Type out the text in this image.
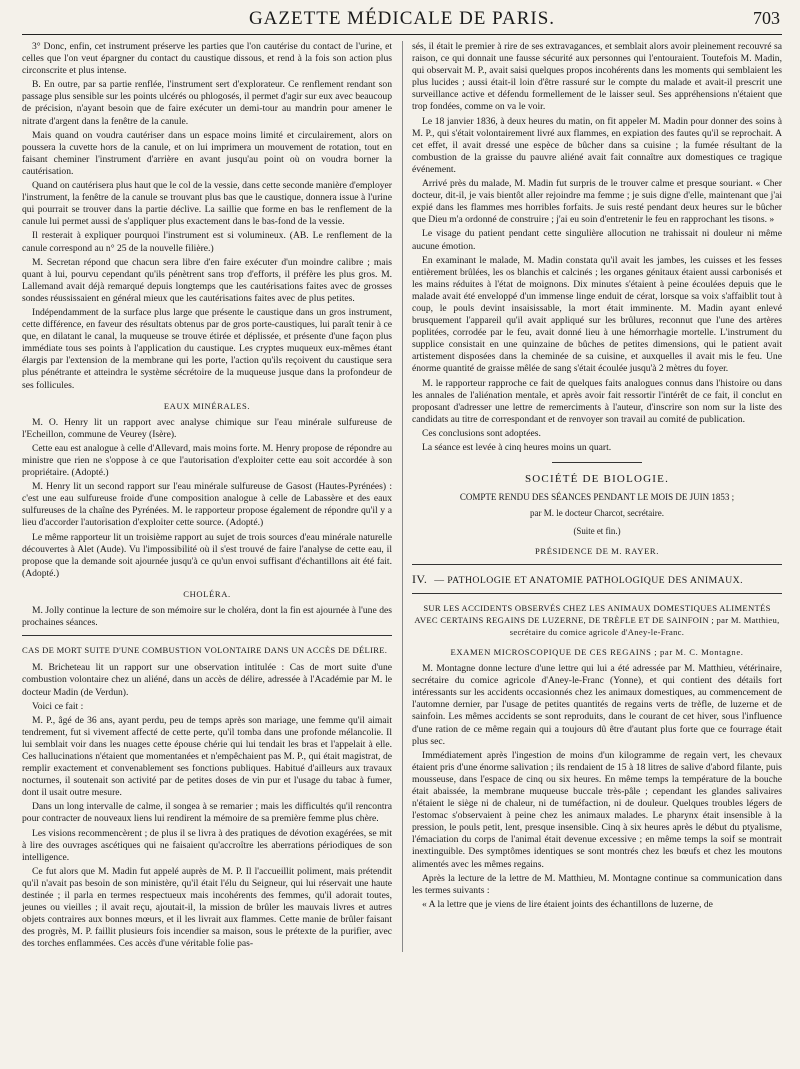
GAZETTE MÉDICALE DE PARIS.	703

3° Donc, enfin, cet instrument préserve les parties que l'on cautérise du contact de l'urine, et celles que l'on veut épargner du contact du caustique dissous, et rend à la fois son action plus circonscrite et plus intense.

B. En outre, par sa partie renflée, l'instrument sert d'explorateur. Ce renflement rendant son passage plus sensible sur les points ulcérés ou phlogosés, il permet d'agir sur eux avec beaucoup de précision, n'ayant besoin que de faire exécuter un demi-tour au mandrin pour amener le nitrate d'argent dans la fenêtre de la canule.

Mais quand on voudra cautériser dans un espace moins limité et circulairement, alors on poussera la cuvette hors de la canule, et on lui imprimera un mouvement de rotation, tout en faisant cheminer l'instrument d'arrière en avant jusqu'au point où on voudra borner la cautérisation.

Quand on cautérisera plus haut que le col de la vessie, dans cette seconde manière d'employer l'instrument, la fenêtre de la canule se trouvant plus bas que le caustique, donnera issue à l'urine qui pourrait se trouver dans la partie déclive. La saillie que forme en bas le renflement de la canule lui permet aussi de s'appliquer plus exactement dans le bas-fond de la vessie.

Il resterait à expliquer pourquoi l'instrument est si volumineux. (AB. Le renflement de la canule correspond au n° 25 de la nouvelle filière.)

M. Secretan répond que chacun sera libre d'en faire exécuter d'un moindre calibre ; mais quant à lui, pourvu cependant qu'ils pénètrent sans trop d'efforts, il préfère les plus gros. M. Lallemand avait déjà remarqué depuis longtemps que les cautérisations faites avec de grosses sondes réussissaient en général mieux que les cautérisations faites avec de plus petites.

Indépendamment de la surface plus large que présente le caustique dans un gros instrument, cette différence, en faveur des résultats obtenus par de gros porte-caustiques, lui paraît tenir à ce que, en dilatant le canal, la muqueuse se trouve étirée et déplissée, et présente d'une façon plus immédiate tous ses points à l'application du caustique. Les cryptes muqueux eux-mêmes étant élargis par l'extension de la membrane qui les porte, l'action qu'ils reçoivent du caustique sera plus pénétrante et atteindra le système sécrétoire de la muqueuse jusque dans la profondeur de ses follicules.

EAUX MINÉRALES.

M. O. Henry lit un rapport avec analyse chimique sur l'eau minérale sulfureuse de l'Echeillon, commune de Veurey (Isère).

Cette eau est analogue à celle d'Allevard, mais moins forte. M. Henry propose de répondre au ministre que rien ne s'oppose à ce que l'autorisation d'exploiter cette eau soit accordée à son propriétaire. (Adopté.)

M. Henry lit un second rapport sur l'eau minérale sulfureuse de Gasost (Hautes-Pyrénées) : c'est une eau sulfureuse froide d'une composition analogue à celle de Labassère et des eaux sulfureuses de la chaîne des Pyrénées. M. le rapporteur propose également de répondre qu'il y a lieu d'accorder l'autorisation d'exploiter cette source. (Adopté.)

Le même rapporteur lit un troisième rapport au sujet de trois sources d'eau minérale naturelle découvertes à Alet (Aude). Vu l'impossibilité où il s'est trouvé de faire l'analyse de cette eau, il propose que la demande soit ajournée jusqu'à ce qu'un envoi suffisant d'échantillons ait été fait. (Adopté.)

CHOLÉRA.

M. Jolly continue la lecture de son mémoire sur le choléra, dont la fin est ajournée à l'une des prochaines séances.

CAS DE MORT SUITE D'UNE COMBUSTION VOLONTAIRE DANS UN ACCÈS DE DÉLIRE.

M. Bricheteau lit un rapport sur une observation intitulée : Cas de mort suite d'une combustion volontaire chez un aliéné, dans un accès de délire, adressée à l'Académie par M. le docteur Madin (de Verdun).

Voici ce fait :

M. P., âgé de 36 ans, ayant perdu, peu de temps après son mariage, une femme qu'il aimait tendrement, fut si vivement affecté de cette perte, qu'il tomba dans une profonde mélancolie. Il lui semblait voir dans les nuages cette épouse chérie qui lui tendait les bras et l'appelait à elle. Ces hallucinations n'étaient que momentanées et n'empêchaient pas M. P., qui était magistrat, de remplir exactement et convenablement ses fonctions publiques. Habitué d'ailleurs aux travaux nocturnes, il soutenait son activité par de petites doses de vin pur et l'usage du tabac à fumer, dont il usait outre mesure.

Dans un long intervalle de calme, il songea à se remarier ; mais les difficultés qu'il rencontra pour contracter de nouveaux liens lui rendirent la mémoire de sa première femme plus chère.

Les visions recommencèrent ; de plus il se livra à des pratiques de dévotion exagérées, se mit à lire des ouvrages ascétiques qui ne faisaient qu'accroître les aberrations périodiques de son intelligence.

Ce fut alors que M. Madin fut appelé auprès de M. P. Il l'accueillit poliment, mais prétendit qu'il n'avait pas besoin de son ministère, qu'il était l'élu du Seigneur, qui lui réservait une haute destinée ; il parla en termes respectueux mais incohérents des femmes, qu'il adorait toutes, jeunes ou vieilles ; il avait reçu, ajoutait-il, la mission de brûler les mauvais livres et autres objets contraires aux bonnes mœurs, et il les livrait aux flammes. Cette manie de brûler faisant des progrès, M. P. faillit plusieurs fois incendier sa maison, sous le prétexte de la purifier, avec des torches enflammées. Ces accès d'une véritable folie pas-

sés, il était le premier à rire de ses extravagances, et semblait alors avoir pleinement recouvré sa raison, ce qui donnait une fausse sécurité aux personnes qui l'entouraient. Toutefois M. Madin, qui observait M. P., avait saisi quelques propos incohérents dans les moments qui semblaient les plus lucides ; aussi était-il loin d'être rassuré sur le compte du malade et avait-il prescrit une surveillance active et défendu formellement de le laisser seul. Ses appréhensions n'étaient que trop fondées, comme on va le voir.

Le 18 janvier 1836, à deux heures du matin, on fit appeler M. Madin pour donner des soins à M. P., qui s'était volontairement livré aux flammes, en expiation des fautes qu'il se reprochait. A cet effet, il avait dressé une espèce de bûcher dans sa cuisine ; la fumée résultant de la combustion de la graisse du pauvre aliéné avait fait connaître aux domestiques ce tragique événement.

Arrivé près du malade, M. Madin fut surpris de le trouver calme et presque souriant. « Cher docteur, dit-il, je vais bientôt aller rejoindre ma femme ; je suis digne d'elle, maintenant que j'ai expié dans les flammes mes horribles forfaits. Je suis resté pendant deux heures sur le bûcher que Dieu m'a ordonné de construire ; j'ai eu soin d'entretenir le feu en rapprochant les tisons. »

Le visage du patient pendant cette singulière allocution ne trahissait ni douleur ni même aucune émotion.

En examinant le malade, M. Madin constata qu'il avait les jambes, les cuisses et les fesses entièrement brûlées, les os blanchis et calcinés ; les organes génitaux étaient aussi carbonisés et les mains réduites à l'état de moignons. Dix minutes s'étaient à peine écoulées depuis que le malade avait été enveloppé d'un immense linge enduit de cérat, lorsque sa voix s'affaiblit tout à coup, le pouls devint insaisissable, la mort était imminente. M. Madin ayant enlevé brusquement l'appareil qu'il avait appliqué sur les brûlures, reconnut que l'une des artères poplitées, corrodée par le feu, avait donné lieu à une hémorrhagie mortelle. L'instrument du supplice consistait en une quinzaine de bûches de petites dimensions, qui le patient avait artistement disposées dans la cheminée de sa cuisine, et auxquelles il avait mis le feu. Une énorme quantité de graisse mêlée de sang s'était écoulée jusqu'à 2 mètres du foyer.

M. le rapporteur rapproche ce fait de quelques faits analogues connus dans l'histoire ou dans les annales de l'aliénation mentale, et après avoir fait ressortir l'intérêt de ce fait, il conclut en proposant d'adresser une lettre de remerciments à l'auteur, d'inscrire son nom sur la liste des candidats au titre de correspondant et de renvoyer son travail au comité de publication.

Ces conclusions sont adoptées.

La séance est levée à cinq heures moins un quart.

SOCIÉTÉ DE BIOLOGIE.
COMPTE RENDU DES SÉANCES PENDANT LE MOIS DE JUIN 1853 ;
par M. le docteur Charcot, secrétaire.
(Suite et fin.)
PRÉSIDENCE DE M. RAYER.
IV. — PATHOLOGIE ET ANATOMIE PATHOLOGIQUE DES ANIMAUX.
SUR LES ACCIDENTS OBSERVÉS CHEZ LES ANIMAUX DOMESTIQUES ALIMENTÉS AVEC CERTAINS REGAINS DE LUZERNE, DE TRÈFLE ET DE SAINFOIN ; par M. Matthieu, secrétaire du comice agricole d'Aney-le-Franc.
EXAMEN MICROSCOPIQUE DE CES REGAINS ; par M. C. Montagne.

M. Montagne donne lecture d'une lettre qui lui a été adressée par M. Matthieu, vétérinaire, secrétaire du comice agricole d'Aney-le-Franc (Yonne), et qui contient des détails fort intéressants sur les accidents occasionnés chez les animaux domestiques, au commencement de l'automne dernier, par l'usage de petites quantités de regains verts de trèfle, de luzerne et de sainfoin. Les mêmes accidents se sont reproduits, dans le courant de cet hiver, sous l'influence d'une ration de ce même regain qui a toujours dû être d'autant plus forte que ce fourrage était plus sec.

Immédiatement après l'ingestion de moins d'un kilogramme de regain vert, les chevaux étaient pris d'une énorme salivation ; ils rendaient de 15 à 18 litres de salive d'abord filante, puis mousseuse, dans l'espace de cinq ou six heures. En même temps la température de la bouche était abaissée, la membrane muqueuse buccale très-pâle ; cependant les glandes salivaires n'étaient le siège ni de chaleur, ni de tuméfaction, ni de douleur. Quelques troubles légers de l'estomac s'observaient à peine chez les animaux malades. Le pharynx était insensible à la pression, le pouls petit, lent, presque insensible. Cinq à six heures après le début du ptyalisme, l'émaciation du corps de l'animal était devenue excessive ; en même temps la soif se montrait inextinguible. Des symptômes identiques se sont montrés chez les bœufs et chez les moutons alimentés avec les mêmes regains.

Après la lecture de la lettre de M. Matthieu, M. Montagne continue sa communication dans les termes suivants :

« A la lettre que je viens de lire étaient joints des échantillons de luzerne, de
